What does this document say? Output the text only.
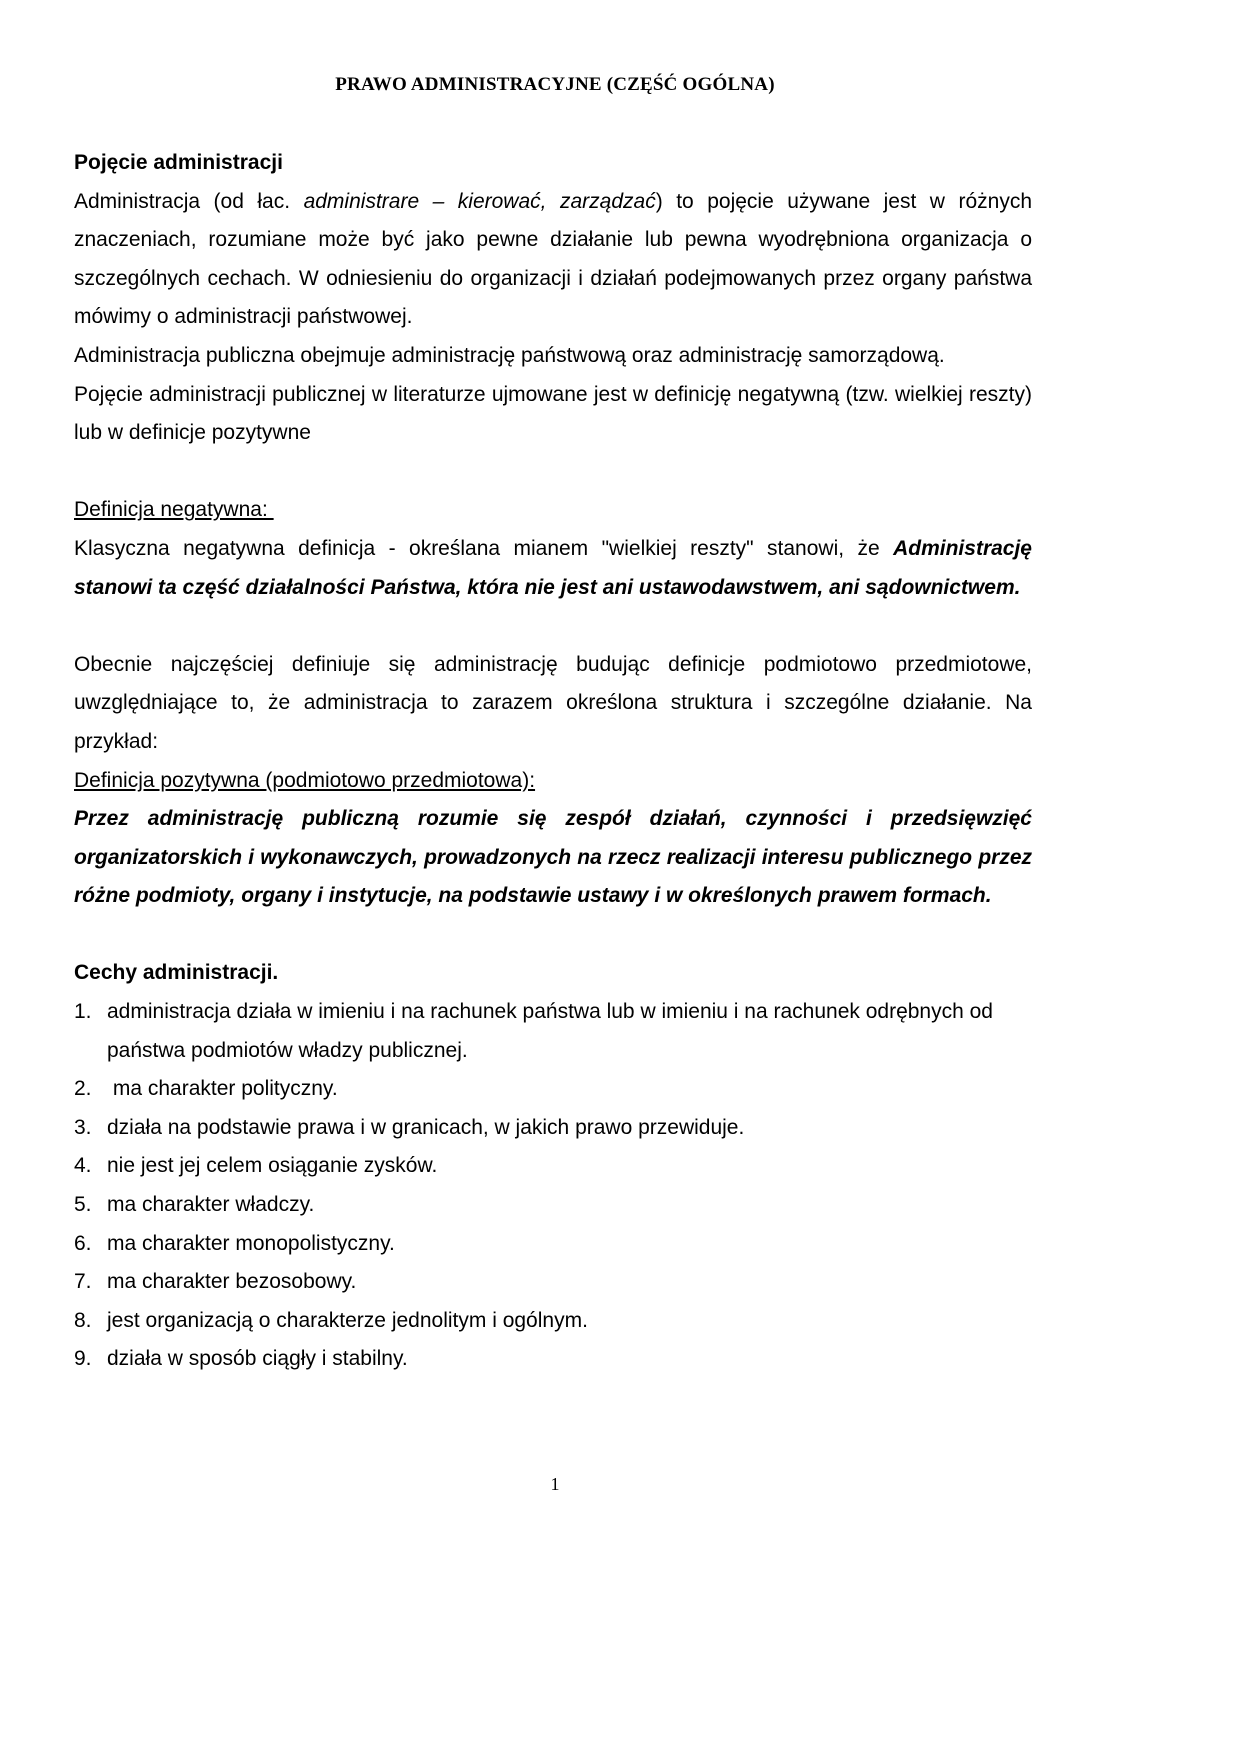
PRAWO ADMINISTRACYJNE (CZĘŚĆ OGÓLNA)

Pojęcie administracji

Administracja (od łac. administrare – kierować, zarządzać) to pojęcie używane jest w różnych znaczeniach, rozumiane może być jako pewne działanie lub pewna wyodrębniona organizacja o szczególnych cechach. W odniesieniu do organizacji i działań podejmowanych przez organy państwa mówimy o administracji państwowej.

Administracja publiczna obejmuje administrację państwową oraz administrację samorządową.

Pojęcie administracji publicznej w literaturze ujmowane jest w definicję negatywną (tzw. wielkiej reszty) lub w definicje pozytywne

Definicja negatywna:

Klasyczna negatywna definicja - określana mianem "wielkiej reszty" stanowi, że Administrację stanowi ta część działalności Państwa, która nie jest ani ustawodawstwem, ani sądownictwem.

Obecnie najczęściej definiuje się administrację budując definicje podmiotowo przedmiotowe, uwzględniające to, że administracja to zarazem określona struktura i szczególne działanie. Na przykład:

Definicja pozytywna (podmiotowo przedmiotowa):

Przez administrację publiczną rozumie się zespół działań, czynności i przedsięwzięć organizatorskich i wykonawczych, prowadzonych na rzecz realizacji interesu publicznego przez różne podmioty, organy i instytucje, na podstawie ustawy i w określonych prawem formach.

Cechy administracji.

1. administracja działa w imieniu i na rachunek państwa lub w imieniu i na rachunek odrębnych od państwa podmiotów władzy publicznej.
2. ma charakter polityczny.
3. działa na podstawie prawa i w granicach, w jakich prawo przewiduje.
4. nie jest jej celem osiąganie zysków.
5. ma charakter władczy.
6. ma charakter monopolistyczny.
7. ma charakter bezosobowy.
8. jest organizacją o charakterze jednolitym i ogólnym.
9. działa w sposób ciągły i stabilny.
1
